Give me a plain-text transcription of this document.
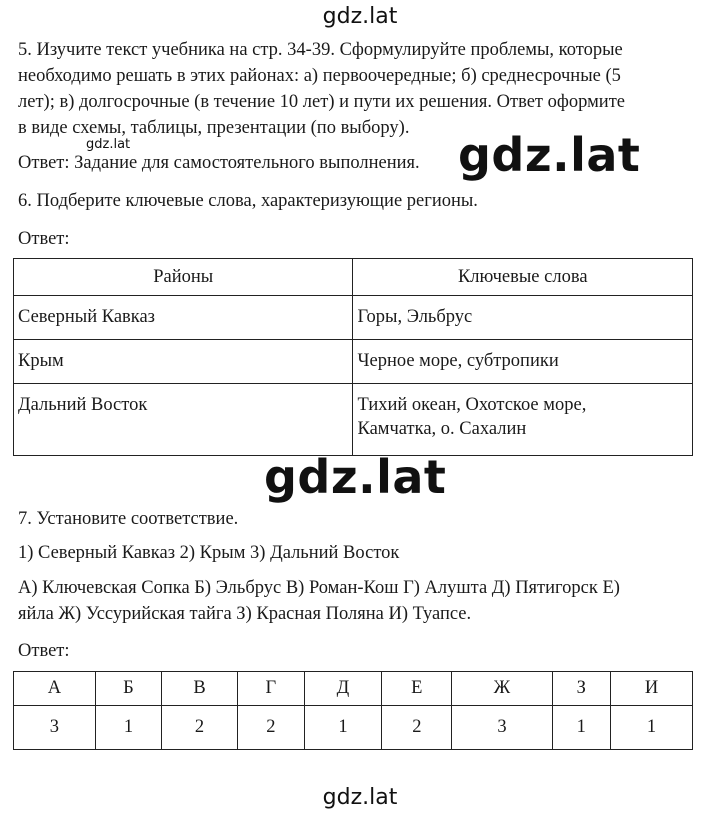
gdz.lat
5. Изучите текст учебника на стр. 34-39. Сформулируйте проблемы, которые
необходимо решать в этих районах: а) первоочередные; б) среднесрочные (5
лет); в) долгосрочные (в течение 10 лет) и пути их решения. Ответ оформите
в виде схемы, таблицы, презентации (по выбору).
gdz.lat
Ответ: Задание для самостоятельного выполнения. gdz.lat
6. Подберите ключевые слова, характеризующие регионы.
Ответ:
Районы	Ключевые слова
Северный Кавказ	Горы, Эльбрус
Крым	Черное море, субтропики
Дальний Восток	Тихий океан, Охотское море,
Камчатка, о. Сахалин
gdz.lat
7. Установите соответствие.
1) Северный Кавказ 2) Крым 3) Дальний Восток
А) Ключевская Сопка Б) Эльбрус В) Роман-Кош Г) Алушта Д) Пятигорск Е)
яйла Ж) Уссурийская тайга З) Красная Поляна И) Туапсе.
Ответ:
А	Б	В	Г	Д	Е	Ж	З	И
3	1	2	2	1	2	3	1	1
gdz.lat
